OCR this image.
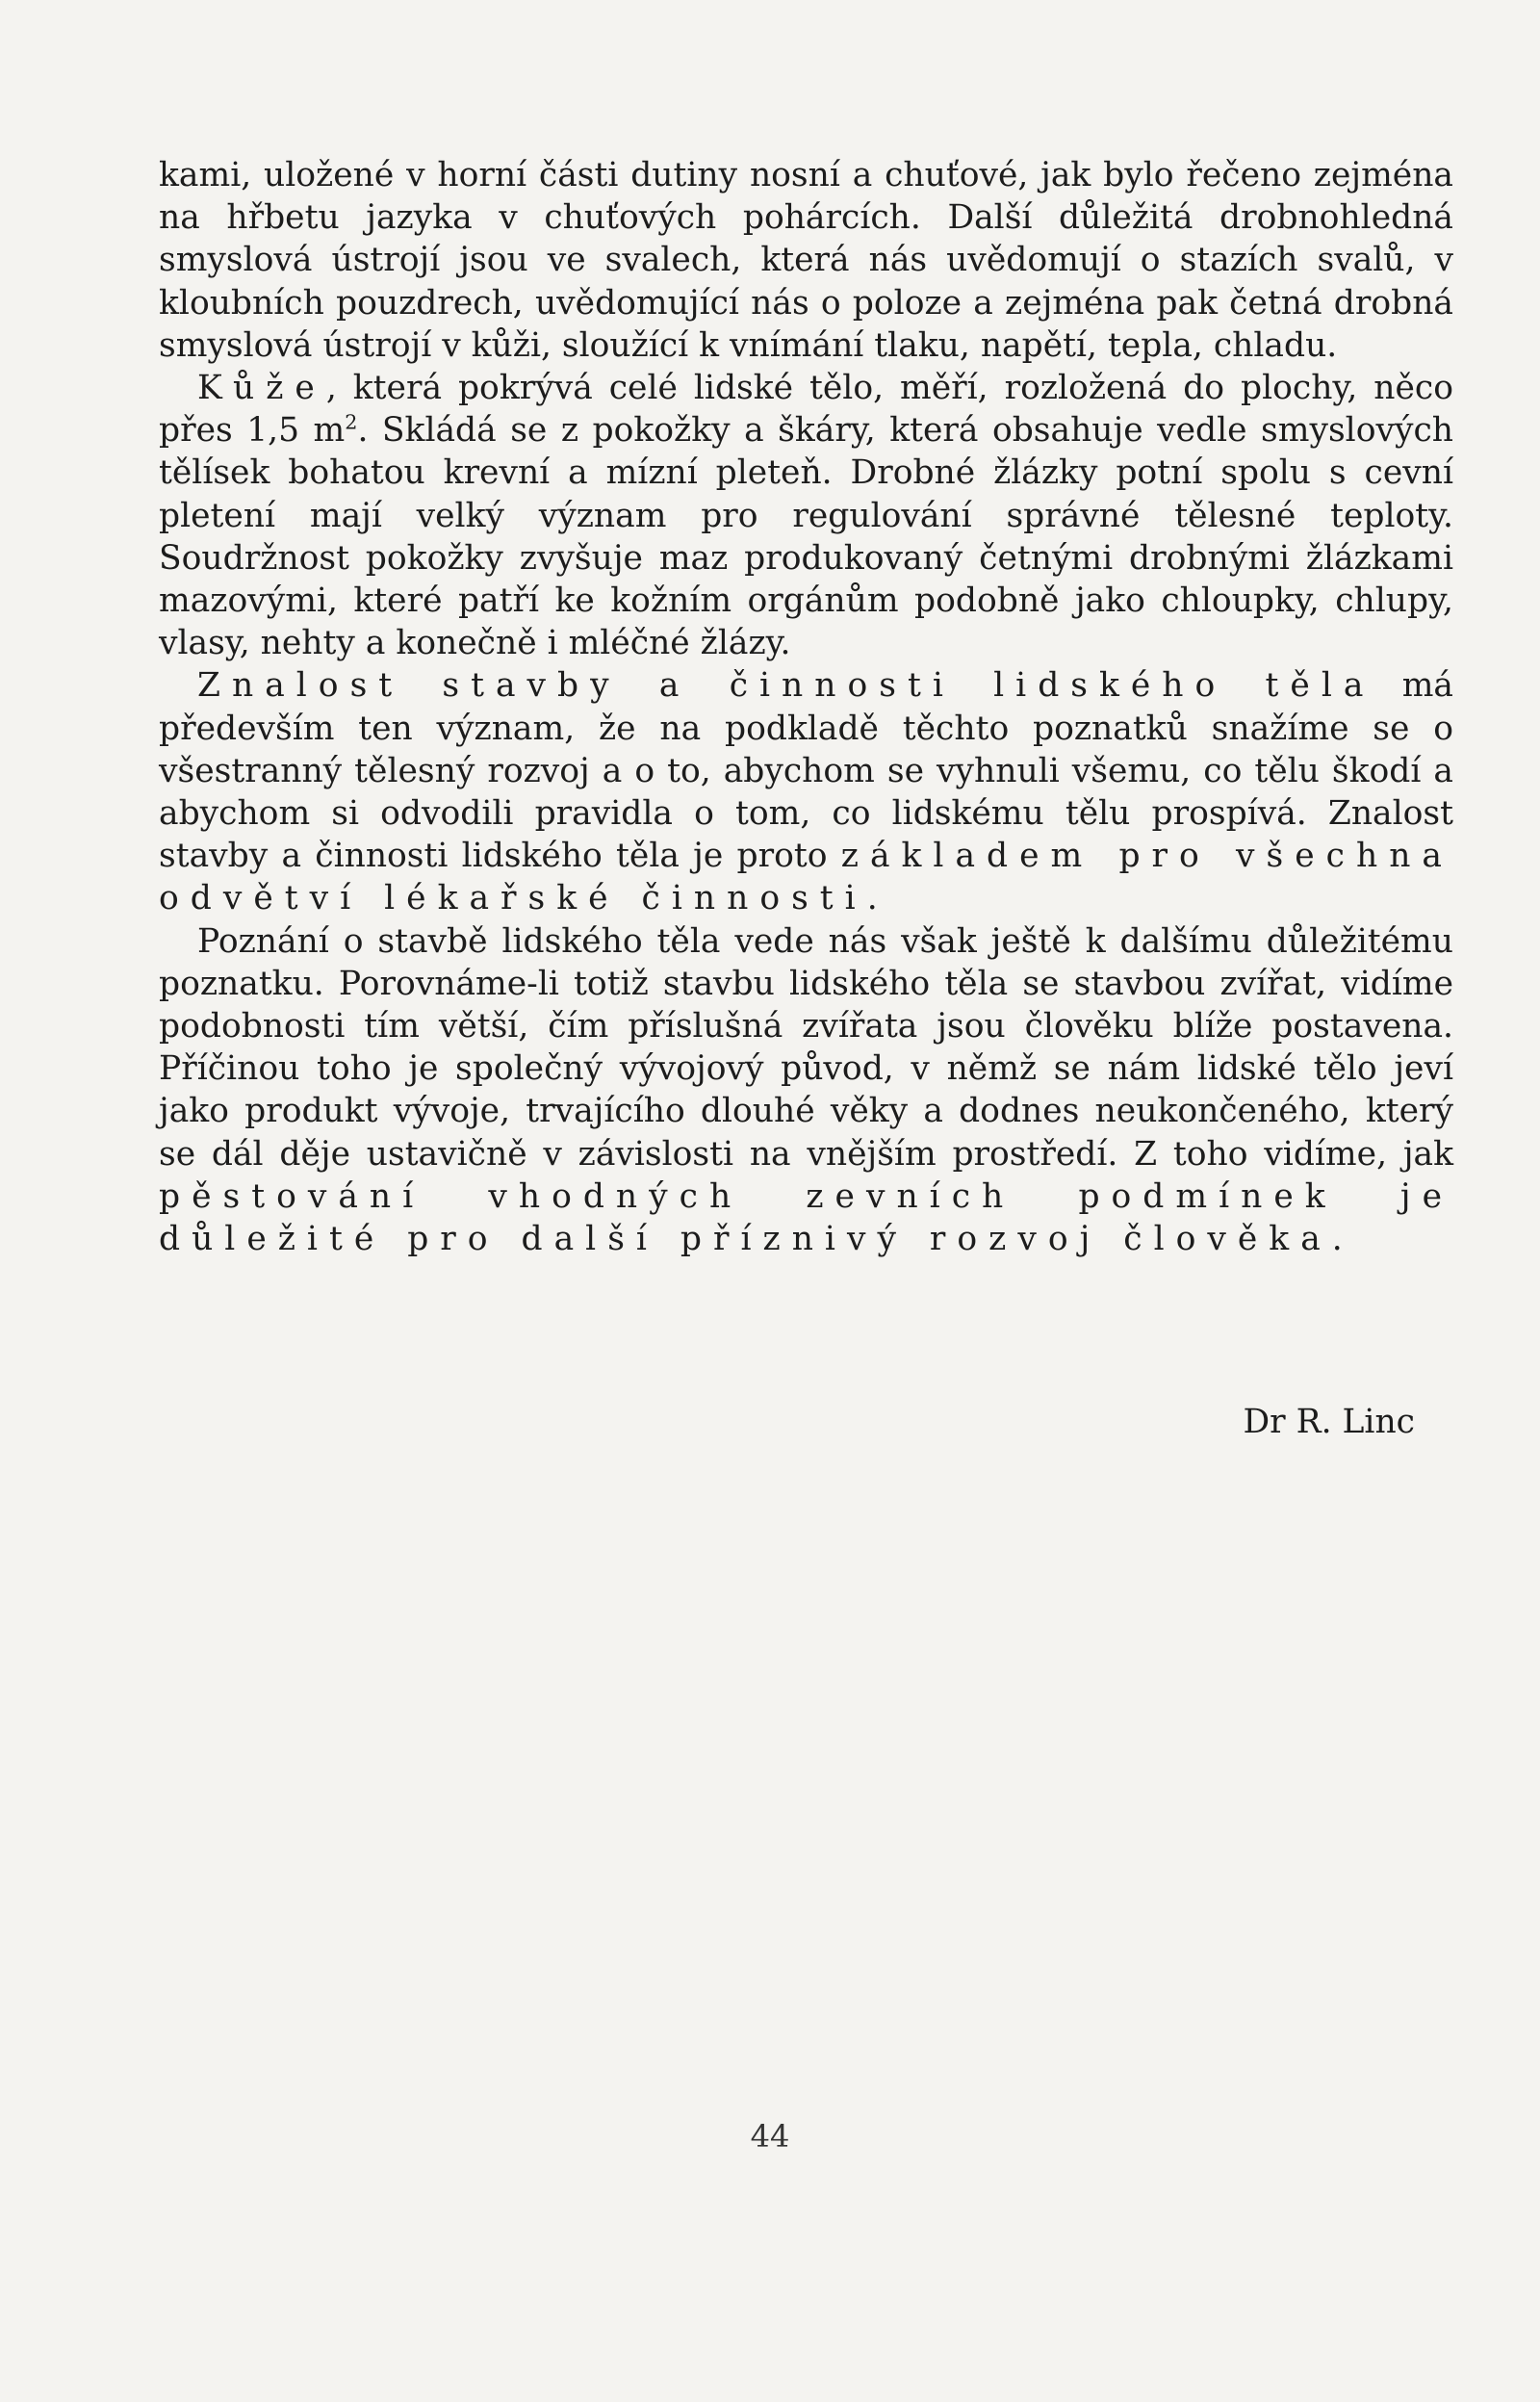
kami, uložené v horní části dutiny nosní a chuťové, jak bylo řečeno zejména na hřbetu jazyka v chuťových pohárcích. Další důležitá drobnohledná smyslová ústrojí jsou ve svalech, která nás uvědomují o stazích svalů, v kloubních pouzdrech, uvědomující nás o poloze a zejména pak četná drobná smyslová ústrojí v kůži, sloužící k vnímání tlaku, napětí, tepla, chladu.

Kůže, která pokrývá celé lidské tělo, měří, rozložená do plochy, něco přes 1,5 $m^2$. Skládá se z pokožky a škáry, která obsahuje vedle smyslových tělísek bohatou krevní a mízní pleteň. Drobné žlázky potní spolu s cevní pletení mají velký význam pro regulování správné tělesné teploty. Soudržnost pokožky zvyšuje maz produkovaný četnými drobnými žlázkami mazovými, které patří ke kožním orgánům podobně jako chloupky, chlupy, vlasy, nehty a konečně i mléčné žlázy.

Znalost stavby a činnosti lidského těla má především ten význam, že na podkladě těchto poznatků snažíme se o všestranný tělesný rozvoj a o to, abychom se vyhnuli všemu, co tělu škodí a abychom si odvodili pravidla o tom, co lidskému tělu prospívá. Znalost stavby a činnosti lidského těla je proto základem pro všechna odvětví lékařské činnosti.

Poznání o stavbě lidského těla vede nás však ještě k dalšímu důležitému poznatku. Porovnáme-li totiž stavbu lidského těla se stavbou zvířat, vidíme podobnosti tím větší, čím příslušná zvířata jsou člověku blíže postavena. Příčinou toho je společný vývojový původ, v němž se nám lidské tělo jeví jako produkt vývoje, trvajícího dlouhé věky a dodnes neukončeného, který se dál děje ustavičně v závislosti na vnějším prostředí. Z toho vidíme, jak pěstování vhodných zevních podmínek je důležité pro další příznivý rozvoj člověka.

Dr R. Linc
44
